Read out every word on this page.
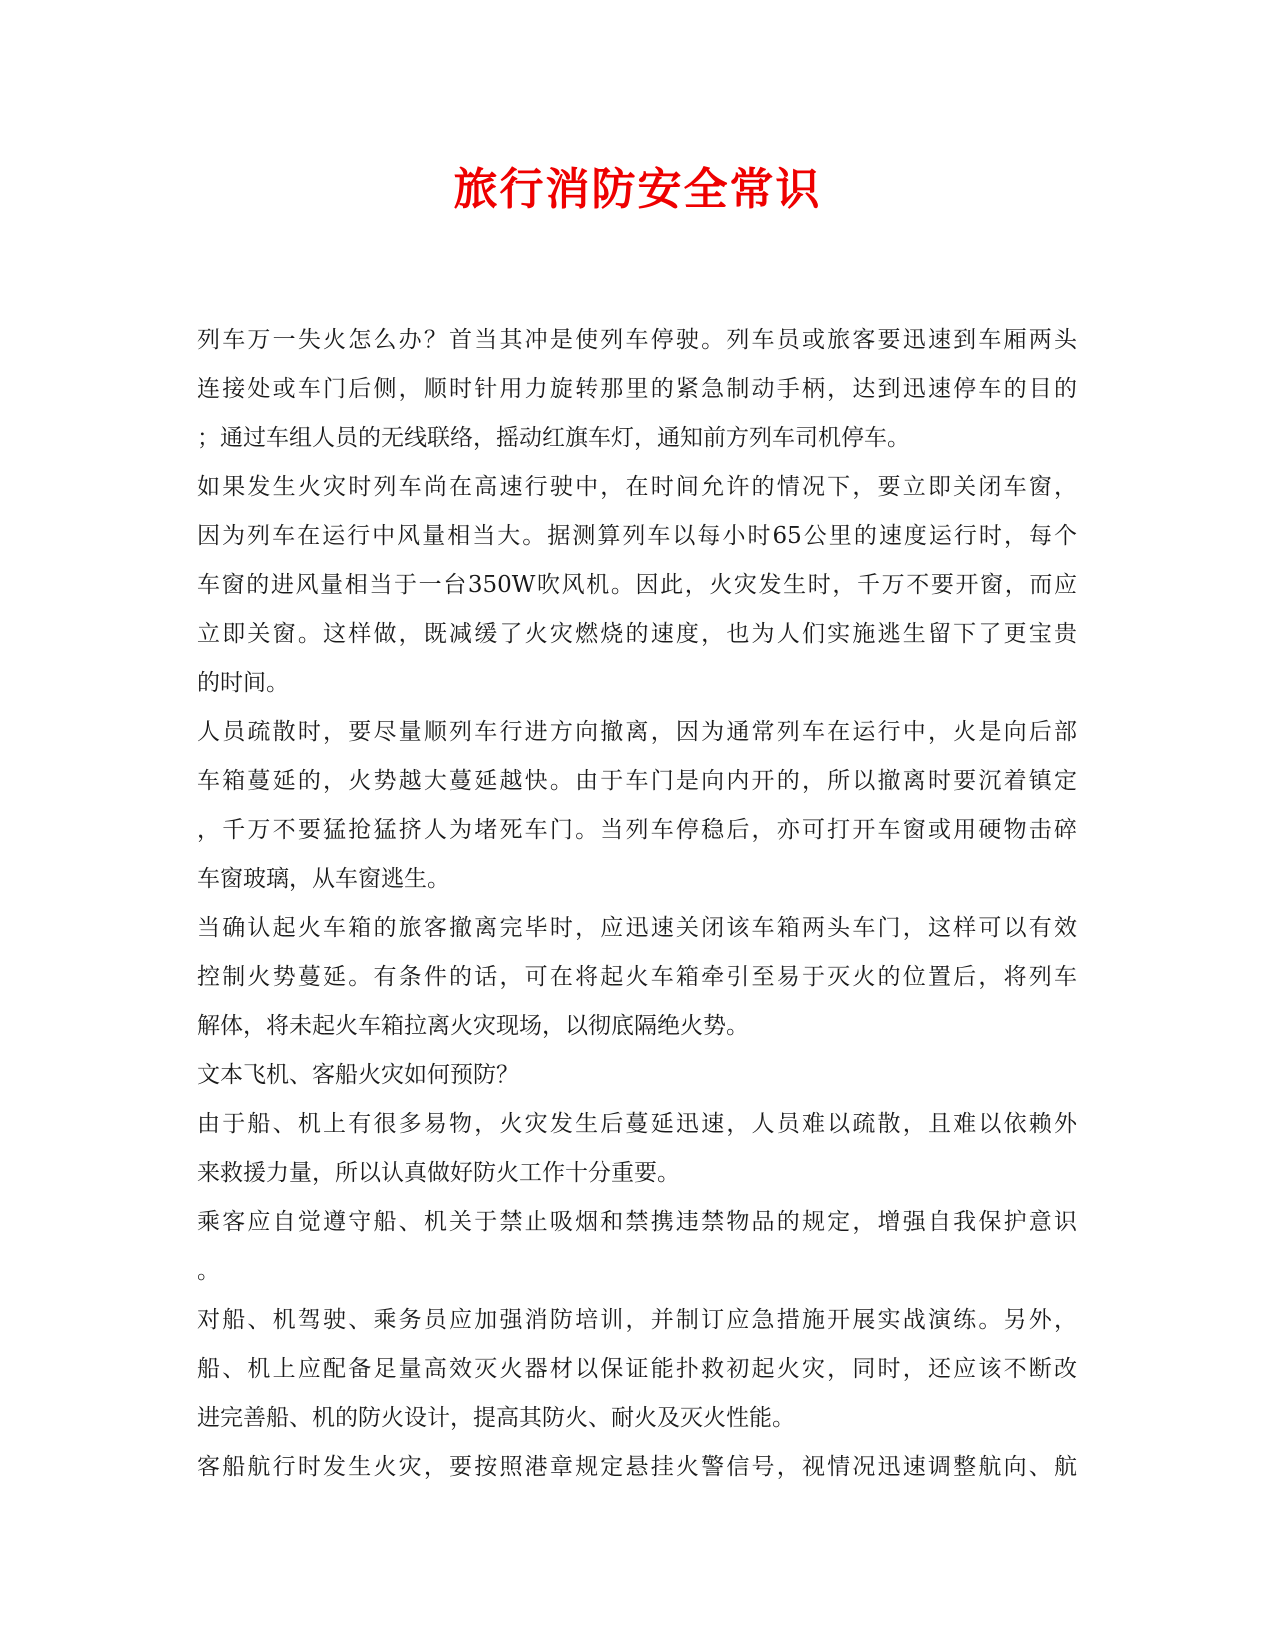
旅行消防安全常识
列车万一失火怎么办？首当其冲是使列车停驶。列车员或旅客要迅速到车厢两头
连接处或车门后侧，顺时针用力旋转那里的紧急制动手柄，达到迅速停车的目的
；通过车组人员的无线联络，摇动红旗车灯，通知前方列车司机停车。
如果发生火灾时列车尚在高速行驶中，在时间允许的情况下，要立即关闭车窗，
因为列车在运行中风量相当大。据测算列车以每小时65公里的速度运行时，每个
车窗的进风量相当于一台350W吹风机。因此，火灾发生时，千万不要开窗，而应
立即关窗。这样做，既减缓了火灾燃烧的速度，也为人们实施逃生留下了更宝贵
的时间。
人员疏散时，要尽量顺列车行进方向撤离，因为通常列车在运行中，火是向后部
车箱蔓延的，火势越大蔓延越快。由于车门是向内开的，所以撤离时要沉着镇定
，千万不要猛抢猛挤人为堵死车门。当列车停稳后，亦可打开车窗或用硬物击碎
车窗玻璃，从车窗逃生。
当确认起火车箱的旅客撤离完毕时，应迅速关闭该车箱两头车门，这样可以有效
控制火势蔓延。有条件的话，可在将起火车箱牵引至易于灭火的位置后，将列车
解体，将未起火车箱拉离火灾现场，以彻底隔绝火势。
文本飞机、客船火灾如何预防？
由于船、机上有很多易物，火灾发生后蔓延迅速，人员难以疏散，且难以依赖外
来救援力量，所以认真做好防火工作十分重要。
乘客应自觉遵守船、机关于禁止吸烟和禁携违禁物品的规定，增强自我保护意识
。
对船、机驾驶、乘务员应加强消防培训，并制订应急措施开展实战演练。另外，
船、机上应配备足量高效灭火器材以保证能扑救初起火灾，同时，还应该不断改
进完善船、机的防火设计，提高其防火、耐火及灭火性能。
客船航行时发生火灾，要按照港章规定悬挂火警信号，视情况迅速调整航向、航
